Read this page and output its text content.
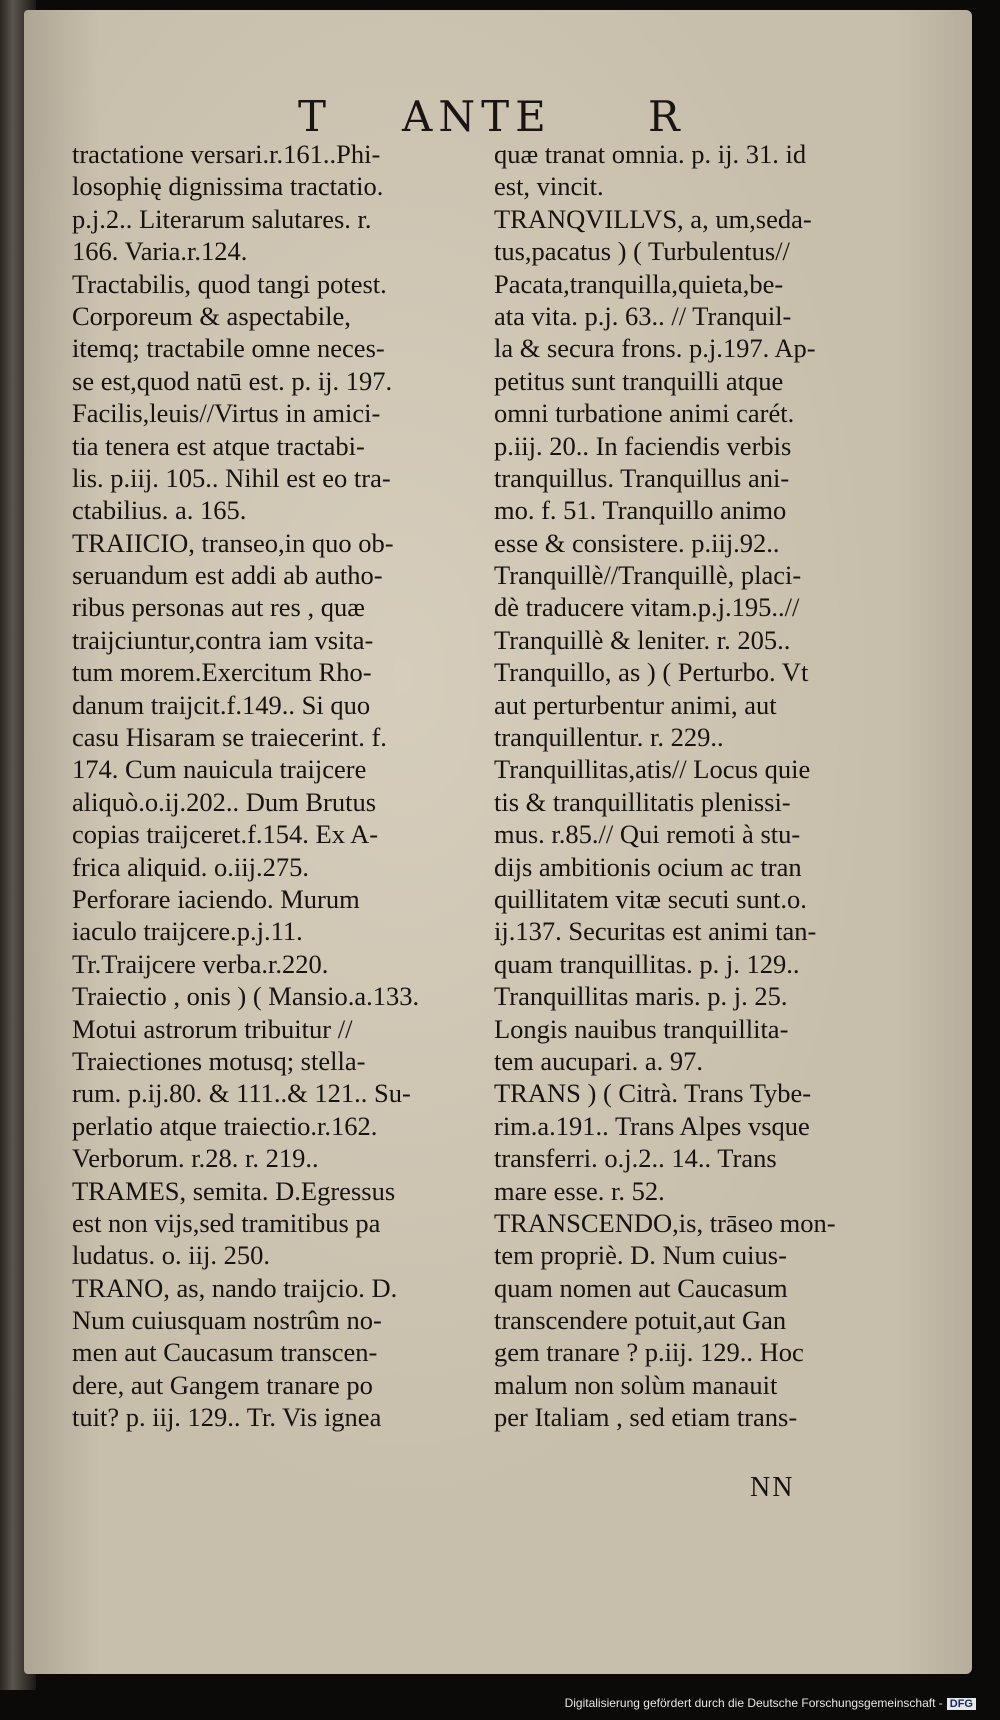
T ANTE R
tractatione versari.r.161..Phi-
losophię dignissima tractatio.
p.j.2.. Literarum salutares. r.
166. Varia.r.124.
Tractabilis, quod tangi potest.
Corporeum & aspectabile,
itemq; tractabile omne neces-
se est,quod natū est. p. ij. 197.
Facilis,leuis//Virtus in amici-
tia tenera est atque tractabi-
lis. p.iij. 105.. Nihil est eo tra-
ctabilius. a. 165.
TRAIICIO, transeo,in quo ob-
seruandum est addi ab autho-
ribus personas aut res , quæ
traijciuntur,contra iam vsita-
tum morem.Exercitum Rho-
danum traijcit.f.149.. Si quo
casu Hisaram se traiecerint. f.
174. Cum nauicula traijcere
aliquò.o.ij.202.. Dum Brutus
copias traijceret.f.154. Ex A-
frica aliquid. o.iij.275.
Perforare iaciendo. Murum
iaculo traijcere.p.j.11.
Tr.Traijcere verba.r.220.
Traiectio , onis ) ( Mansio.a.133.
Motui astrorum tribuitur //
Traiectiones motusq; stella-
rum. p.ij.80. & 111..& 121.. Su-
perlatio atque traiectio.r.162.
Verborum. r.28. r. 219..
TRAMES, semita. D.Egressus
est non vijs,sed tramitibus pa
ludatus. o. iij. 250.
TRANO, as, nando traijcio. D.
Num cuiusquam nostrûm no-
men aut Caucasum transcen-
dere, aut Gangem tranare po
tuit? p. iij. 129.. Tr. Vis ignea
quæ tranat omnia. p. ij. 31. id
est, vincit.
TRANQVILLVS, a, um,seda-
tus,pacatus ) ( Turbulentus//
Pacata,tranquilla,quieta,be-
ata vita. p.j. 63.. // Tranquil-
la & secura frons. p.j.197. Ap-
petitus sunt tranquilli atque
omni turbatione animi carét.
p.iij. 20.. In faciendis verbis
tranquillus. Tranquillus ani-
mo. f. 51. Tranquillo animo
esse & consistere. p.iij.92..
Tranquillè//Tranquillè, placi-
dè traducere vitam.p.j.195..//
Tranquillè & leniter. r. 205..
Tranquillo, as ) ( Perturbo. Vt
aut perturbentur animi, aut
tranquillentur. r. 229..
Tranquillitas,atis// Locus quie
tis & tranquillitatis plenissi-
mus. r.85.// Qui remoti à stu-
dijs ambitionis ocium ac tran
quillitatem vitæ secuti sunt.o.
ij.137. Securitas est animi tan-
quam tranquillitas. p. j. 129..
Tranquillitas maris. p. j. 25.
Longis nauibus tranquillita-
tem aucupari. a. 97.
TRANS ) ( Citrà. Trans Tybe-
rim.a.191.. Trans Alpes vsque
transferri. o.j.2.. 14.. Trans
mare esse. r. 52.
TRANSCENDO,is, trāseo mon-
tem propriè. D. Num cuius-
quam nomen aut Caucasum
transcendere potuit,aut Gan
gem tranare ? p.iij. 129.. Hoc
malum non solùm manauit
per Italiam , sed etiam trans-
NN
Digitalisierung gefördert durch die Deutsche Forschungsgemeinschaft - DFG
